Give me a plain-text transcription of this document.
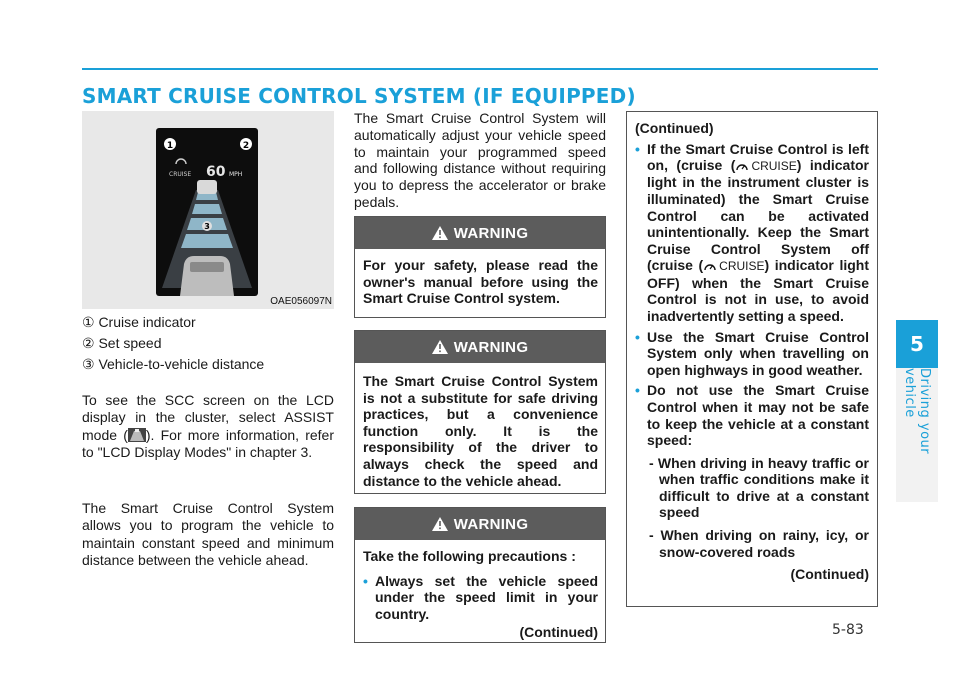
SMART CRUISE CONTROL SYSTEM (IF EQUIPPED)
1	2
CRUISE 60 MPH
3
OAE056097N
① Cruise indicator
② Set speed
③ Vehicle-to-vehicle distance
To see the SCC screen on the LCD display in the cluster, select ASSIST mode ( ). For more information, refer to "LCD Display Modes" in chapter 3.
The Smart Cruise Control System allows you to program the vehicle to maintain constant speed and minimum distance between the vehicle ahead.
The Smart Cruise Control System will automatically adjust your vehicle speed to maintain your programmed speed and following distance without requiring you to depress the accelerator or brake pedals.
WARNING
For your safety, please read the owner's manual before using the Smart Cruise Control system.
WARNING
The Smart Cruise Control System is not a substitute for safe driving practices, but a convenience function only. It is the responsibility of the driver to always check the speed and distance to the vehicle ahead.
WARNING
Take the following precautions :
• Always set the vehicle speed under the speed limit in your country.
(Continued)
(Continued)
• If the Smart Cruise Control is left on, (cruise ( CRUISE ) indicator light in the instrument cluster is illuminated) the Smart Cruise Control can be activated unintentionally. Keep the Smart Cruise Control System off (cruise ( CRUISE ) indicator light OFF) when the Smart Cruise Control is not in use, to avoid inadvertently setting a speed.
• Use the Smart Cruise Control System only when travelling on open highways in good weather.
• Do not use the Smart Cruise Control when it may not be safe to keep the vehicle at a constant speed:
- When driving in heavy traffic or when traffic conditions make it difficult to drive at a constant speed
- When driving on rainy, icy, or snow-covered roads
(Continued)
5
Driving your vehicle
5-83
